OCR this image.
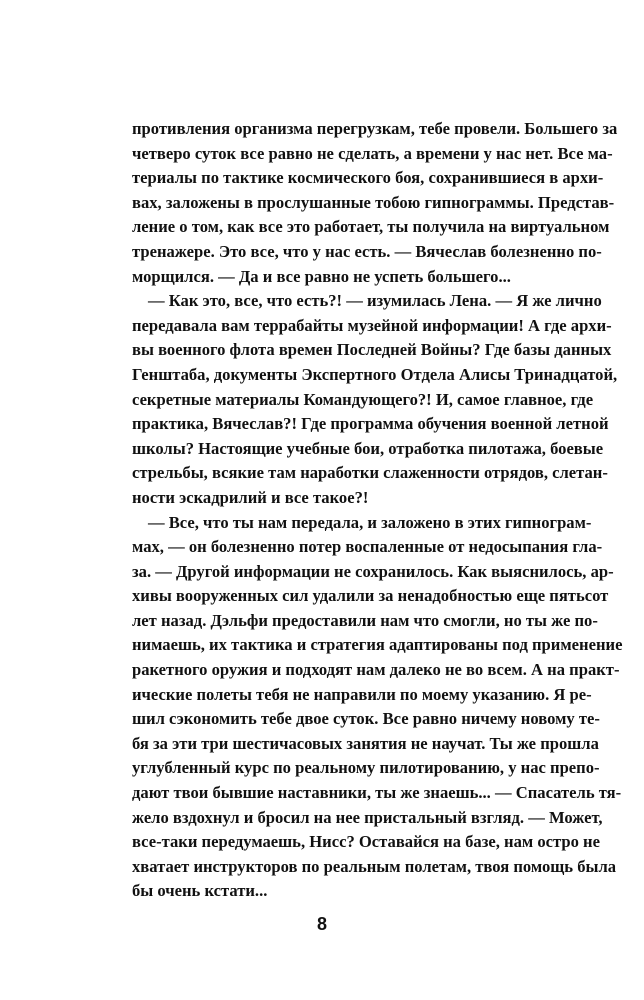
противления организма перегрузкам, тебе провели. Большего за
четверо суток все равно не сделать, а времени у нас нет. Все ма-
териалы по тактике космического боя, сохранившиеся в архи-
вах, заложены в прослушанные тобою гипнограммы. Представ-
ление о том, как все это работает, ты получила на виртуальном
тренажере. Это все, что у нас есть. — Вячеслав болезненно по-
морщился. — Да и все равно не успеть большего...
— Как это, все, что есть?! — изумилась Лена. — Я же лично
передавала вам террабайты музейной информации! А где архи-
вы военного флота времен Последней Войны? Где базы данных
Генштаба, документы Экспертного Отдела Алисы Тринадцатой,
секретные материалы Командующего?! И, самое главное, где
практика, Вячеслав?! Где программа обучения военной летной
школы? Настоящие учебные бои, отработка пилотажа, боевые
стрельбы, всякие там наработки слаженности отрядов, слетан-
ности эскадрилий и все такое?!
— Все, что ты нам передала, и заложено в этих гипнограм-
мах, — он болезненно потер воспаленные от недосыпания гла-
за. — Другой информации не сохранилось. Как выяснилось, ар-
хивы вооруженных сил удалили за ненадобностью еще пятьсот
лет назад. Дэльфи предоставили нам что смогли, но ты же по-
нимаешь, их тактика и стратегия адаптированы под применение
ракетного оружия и подходят нам далеко не во всем. А на практ-
ические полеты тебя не направили по моему указанию. Я ре-
шил сэкономить тебе двое суток. Все равно ничему новому те-
бя за эти три шестичасовых занятия не научат. Ты же прошла
углубленный курс по реальному пилотированию, у нас препо-
дают твои бывшие наставники, ты же знаешь... — Спасатель тя-
жело вздохнул и бросил на нее пристальный взгляд. — Может,
все-таки передумаешь, Нисс? Оставайся на базе, нам остро не
хватает инструкторов по реальным полетам, твоя помощь была
бы очень кстати...
8
